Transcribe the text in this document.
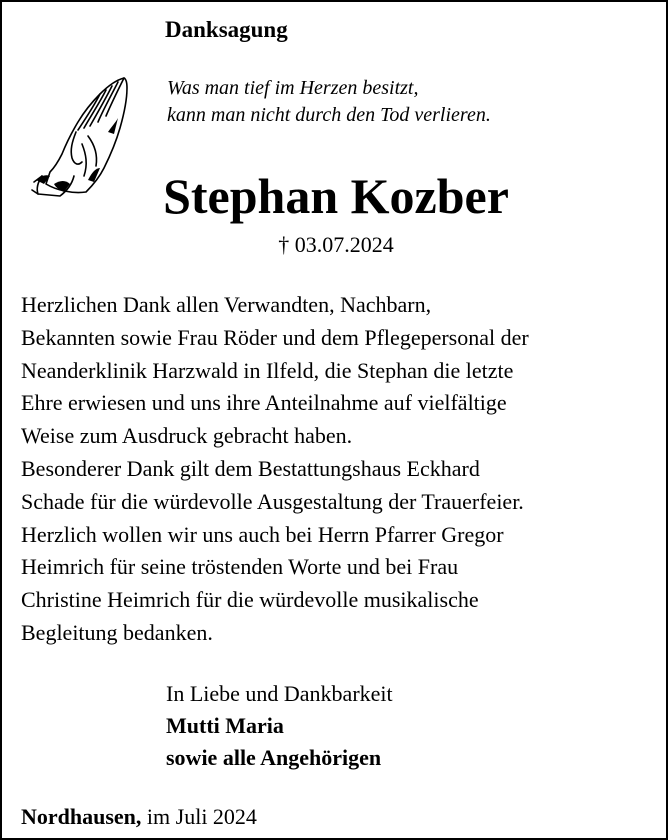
Danksagung
Was man tief im Herzen besitzt,
kann man nicht durch den Tod verlieren.
Stephan Kozber
† 03.07.2024
Herzlichen Dank allen Verwandten, Nachbarn,
Bekannten sowie Frau Röder und dem Pflegepersonal der
Neanderklinik Harzwald in Ilfeld, die Stephan die letzte
Ehre erwiesen und uns ihre Anteilnahme auf vielfältige
Weise zum Ausdruck gebracht haben.
Besonderer Dank gilt dem Bestattungshaus Eckhard
Schade für die würdevolle Ausgestaltung der Trauerfeier.
Herzlich wollen wir uns auch bei Herrn Pfarrer Gregor
Heimrich für seine tröstenden Worte und bei Frau
Christine Heimrich für die würdevolle musikalische
Begleitung bedanken.
In Liebe und Dankbarkeit
Mutti Maria
sowie alle Angehörigen
Nordhausen, im Juli 2024
